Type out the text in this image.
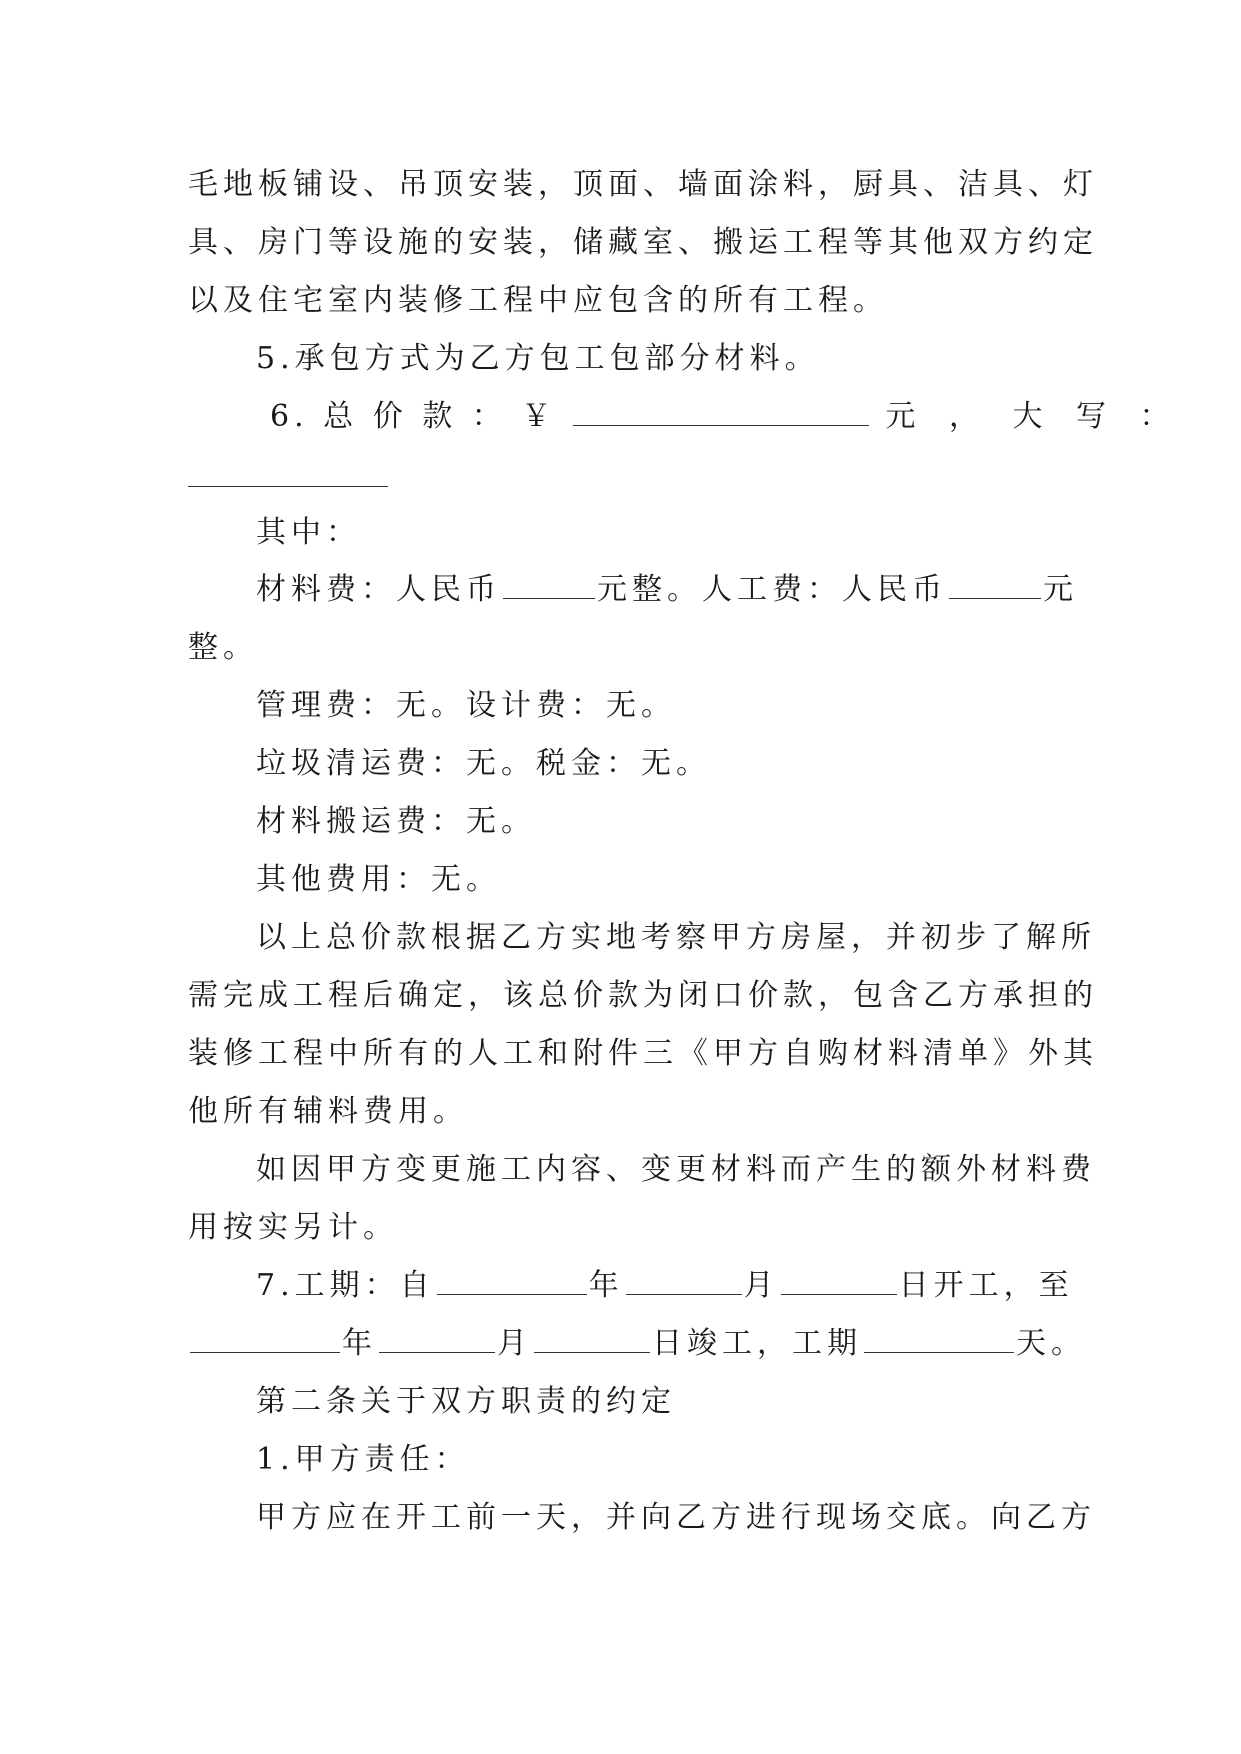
毛地板铺设、吊顶安装，顶面、墙面涂料，厨具、洁具、灯
具、房门等设施的安装，储藏室、搬运工程等其他双方约定
以及住宅室内装修工程中应包含的所有工程。
5.承包方式为乙方包工包部分材料。
6. 总 价 款 ： ￥	元 ， 大 写 ：
其中：
材料费：人民币	元整。人工费：人民币	元
整。
管理费：无。设计费：无。
垃圾清运费：无。税金：无。
材料搬运费：无。
其他费用：无。
以上总价款根据乙方实地考察甲方房屋，并初步了解所
需完成工程后确定，该总价款为闭口价款，包含乙方承担的
装修工程中所有的人工和附件三《甲方自购材料清单》外其
他所有辅料费用。
如因甲方变更施工内容、变更材料而产生的额外材料费
用按实另计。
7.工期：自	年	月	日开工，至
年	月	日竣工，工期	天。
第二条关于双方职责的约定
1.甲方责任：
甲方应在开工前一天，并向乙方进行现场交底。向乙方
